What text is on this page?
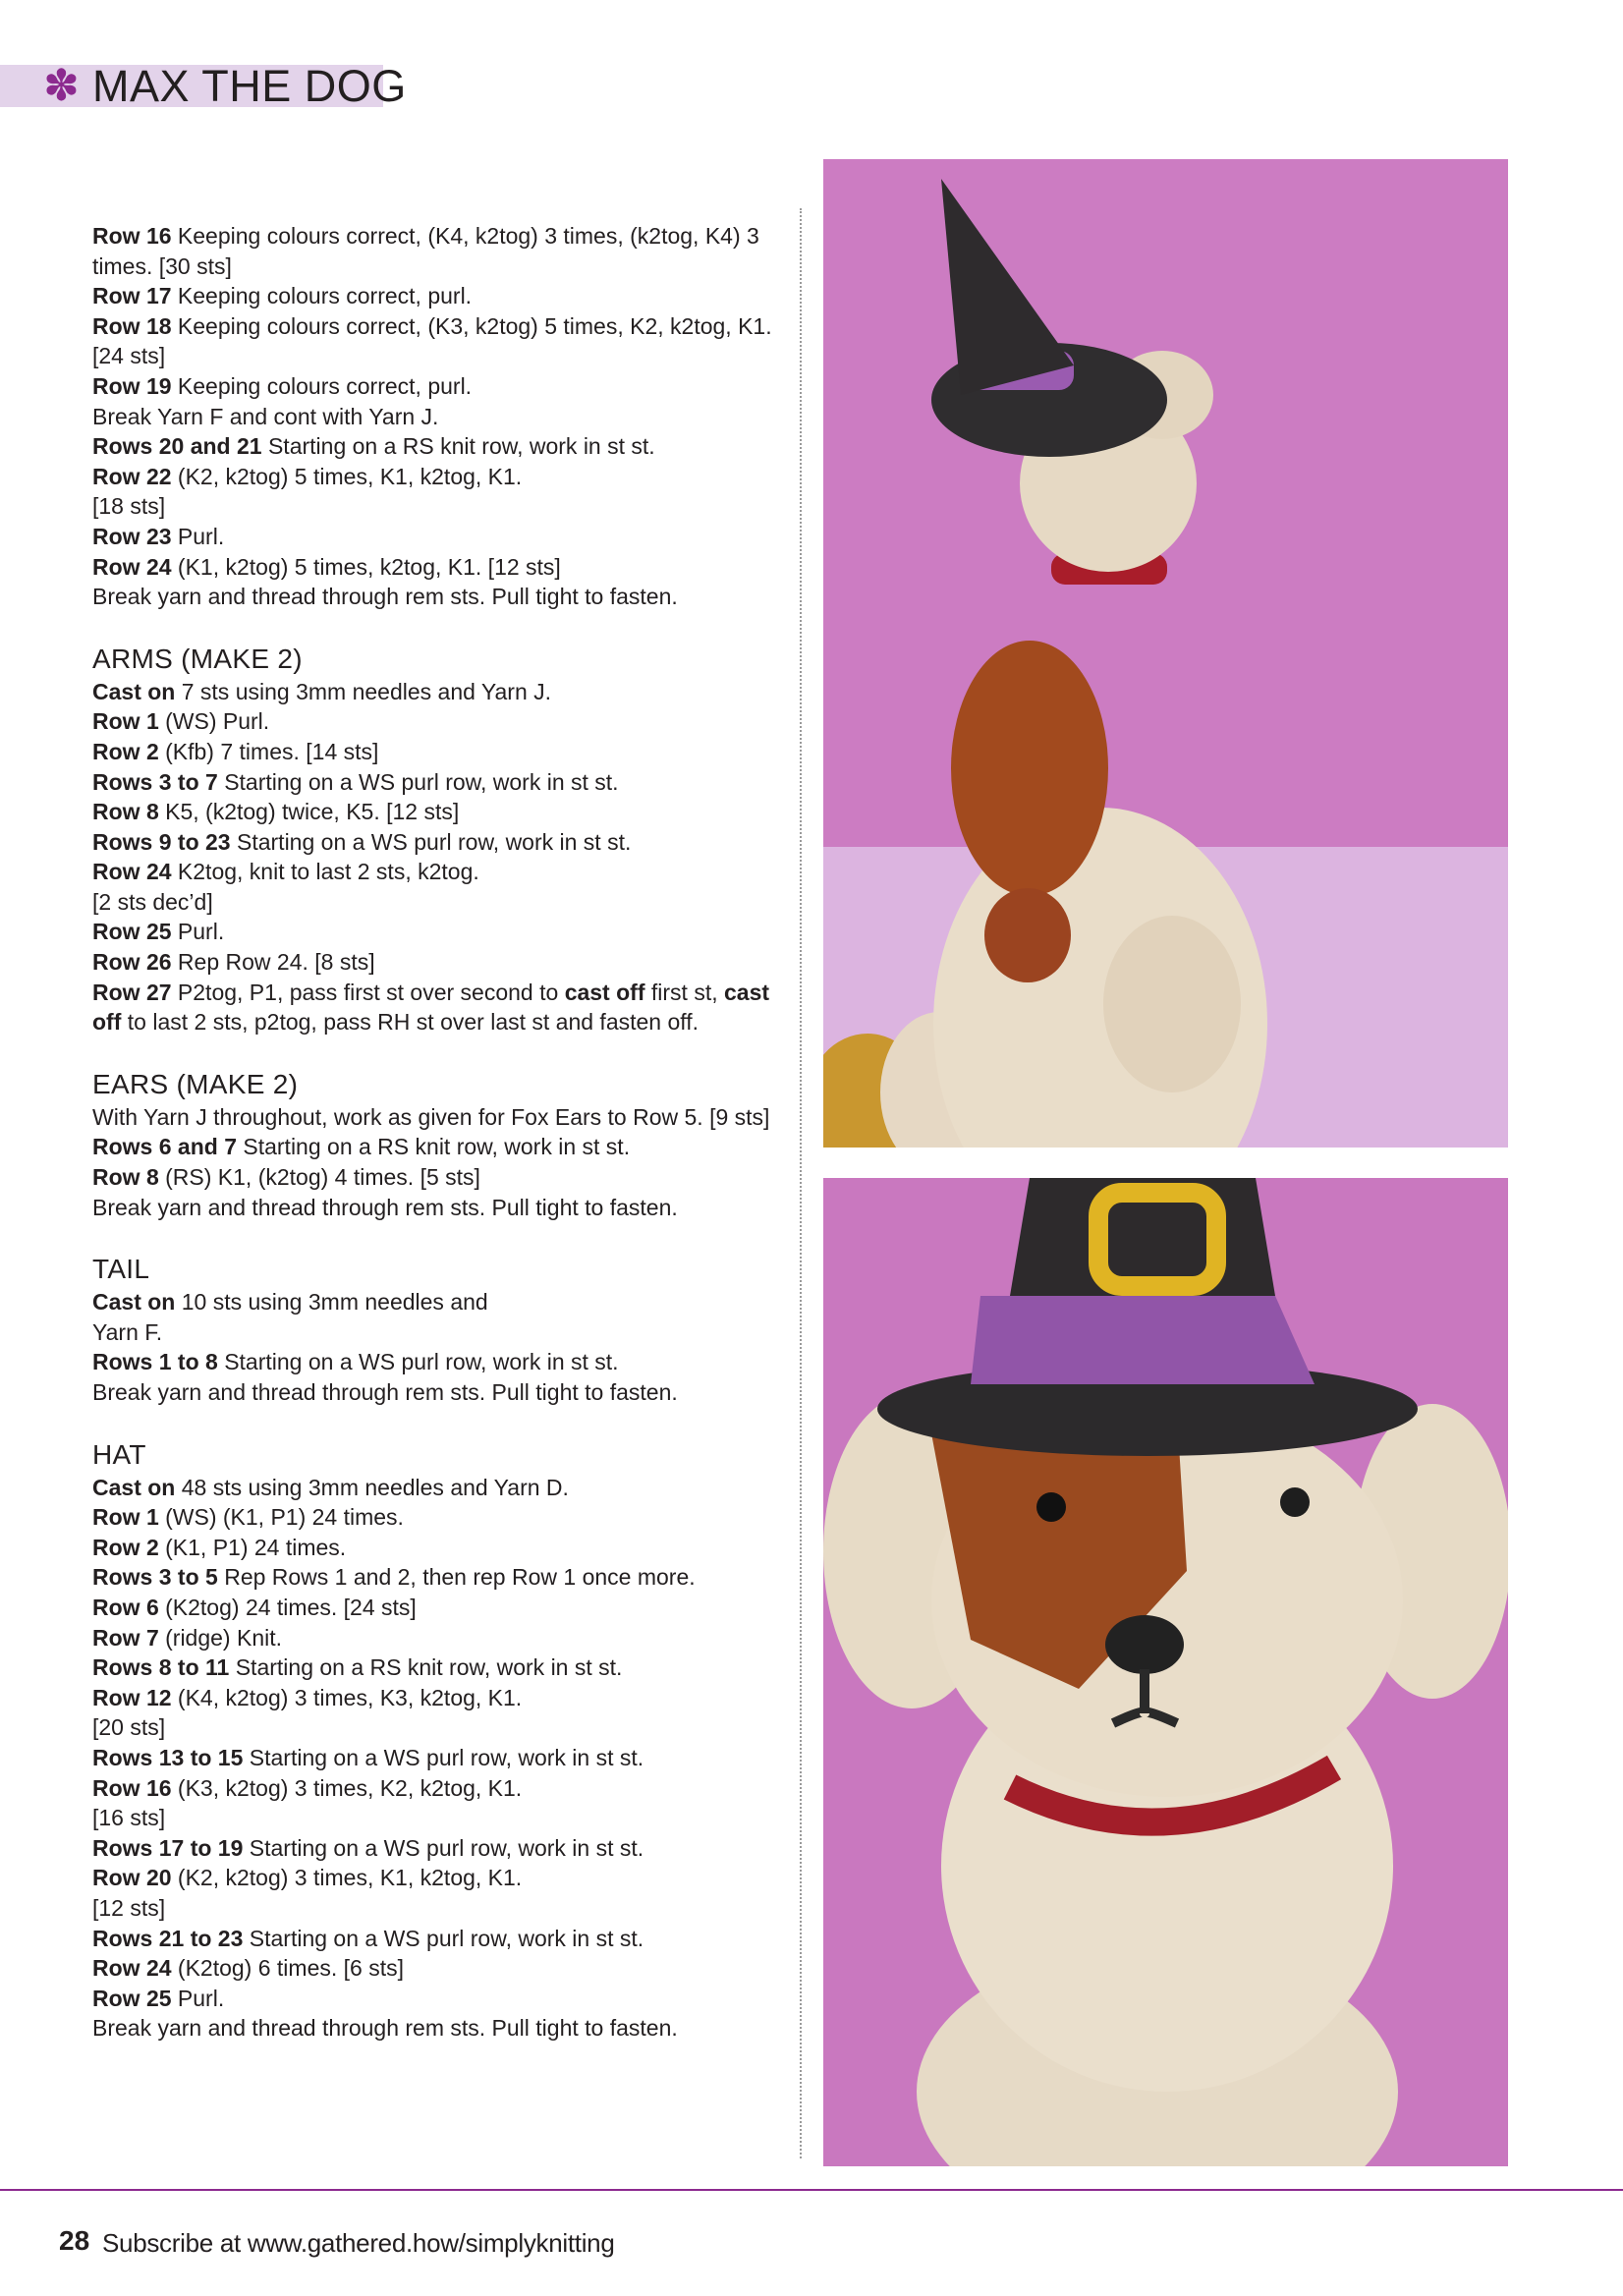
✽ MAX THE DOG

Row 16 Keeping colours correct, (K4, k2tog) 3 times, (k2tog, K4) 3 times. [30 sts]

Row 17 Keeping colours correct, purl.

Row 18 Keeping colours correct, (K3, k2tog) 5 times, K2, k2tog, K1. [24 sts]

Row 19 Keeping colours correct, purl.

Break Yarn F and cont with Yarn J.

Rows 20 and 21 Starting on a RS knit row, work in st st.

Row 22 (K2, k2tog) 5 times, K1, k2tog, K1.

[18 sts]

Row 23 Purl.

Row 24 (K1, k2tog) 5 times, k2tog, K1. [12 sts]

Break yarn and thread through rem sts. Pull tight to fasten.

ARMS (MAKE 2)

Cast on 7 sts using 3mm needles and Yarn J.

Row 1 (WS) Purl.

Row 2 (Kfb) 7 times. [14 sts]

Rows 3 to 7 Starting on a WS purl row, work in st st.

Row 8 K5, (k2tog) twice, K5. [12 sts]

Rows 9 to 23 Starting on a WS purl row, work in st st.

Row 24 K2tog, knit to last 2 sts, k2tog.

[2 sts dec’d]

Row 25 Purl.

Row 26 Rep Row 24. [8 sts]

Row 27 P2tog, P1, pass first st over second to cast off first st, cast off to last 2 sts, p2tog, pass RH st over last st and fasten off.

EARS (MAKE 2)

With Yarn J throughout, work as given for Fox Ears to Row 5. [9 sts]

Rows 6 and 7 Starting on a RS knit row, work in st st.

Row 8 (RS) K1, (k2tog) 4 times. [5 sts]

Break yarn and thread through rem sts. Pull tight to fasten.

TAIL

Cast on 10 sts using 3mm needles and

Yarn F.

Rows 1 to 8 Starting on a WS purl row, work in st st.

Break yarn and thread through rem sts. Pull tight to fasten.

HAT

Cast on 48 sts using 3mm needles and Yarn D.

Row 1 (WS) (K1, P1) 24 times.

Row 2 (K1, P1) 24 times.

Rows 3 to 5 Rep Rows 1 and 2, then rep Row 1 once more.

Row 6 (K2tog) 24 times. [24 sts]

Row 7 (ridge) Knit.

Rows 8 to 11 Starting on a RS knit row, work in st st.

Row 12 (K4, k2tog) 3 times, K3, k2tog, K1.

[20 sts]

Rows 13 to 15 Starting on a WS purl row, work in st st.

Row 16 (K3, k2tog) 3 times, K2, k2tog, K1.

[16 sts]

Rows 17 to 19 Starting on a WS purl row, work in st st.

Row 20 (K2, k2tog) 3 times, K1, k2tog, K1.

[12 sts]

Rows 21 to 23 Starting on a WS purl row, work in st st.

Row 24 (K2tog) 6 times. [6 sts]

Row 25 Purl.

Break yarn and thread through rem sts. Pull tight to fasten.

28 Subscribe at www.gathered.how/simplyknitting
